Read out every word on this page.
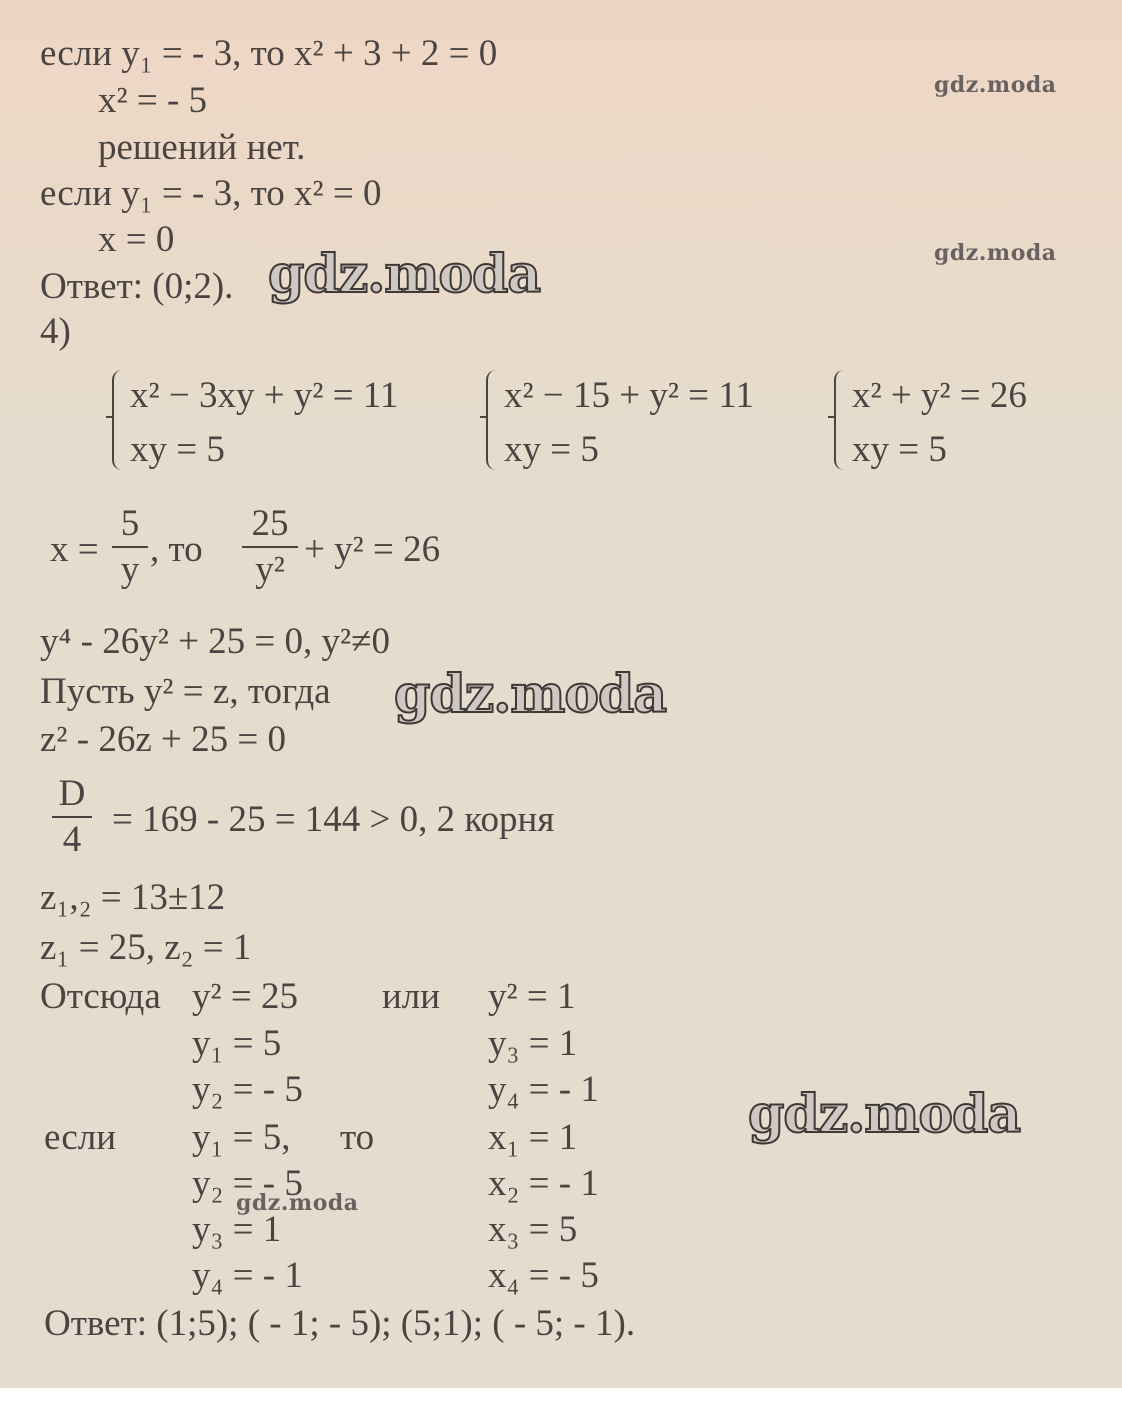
если y₁ = - 3, то x² + 3 + 2 = 0
x² = - 5
решений нет.
если y₁ = - 3, то x² = 0
x = 0
Ответ: (0;2).
4)
x² − 3xy + y² = 11
xy = 5
x² − 15 + y² = 11
xy = 5
x² + y² = 26
xy = 5
x =
5
y , то
25
y² + y² = 26
y⁴ - 26y² + 25 = 0, y²≠0
Пусть y² = z, тогда
z² - 26z + 25 = 0
D
4 = 169 - 25 = 144 > 0, 2 корня
z₁,₂ = 13±12
z₁ = 25, z₂ = 1
Отсюда y² = 25 или y² = 1
y₁ = 5	y₃ = 1
y₂ = - 5	y₄ = - 1
если y₁ = 5, то	x₁ = 1
y₂ = - 5	x₂ = - 1
y₃ = 1	x₃ = 5
y₄ = - 1	x₄ = - 5
Ответ: (1;5); ( - 1; - 5); (5;1); ( - 5; - 1).
gdz.moda
gdz.moda
gdz.moda
gdz.moda
gdz.moda
gdz.moda
